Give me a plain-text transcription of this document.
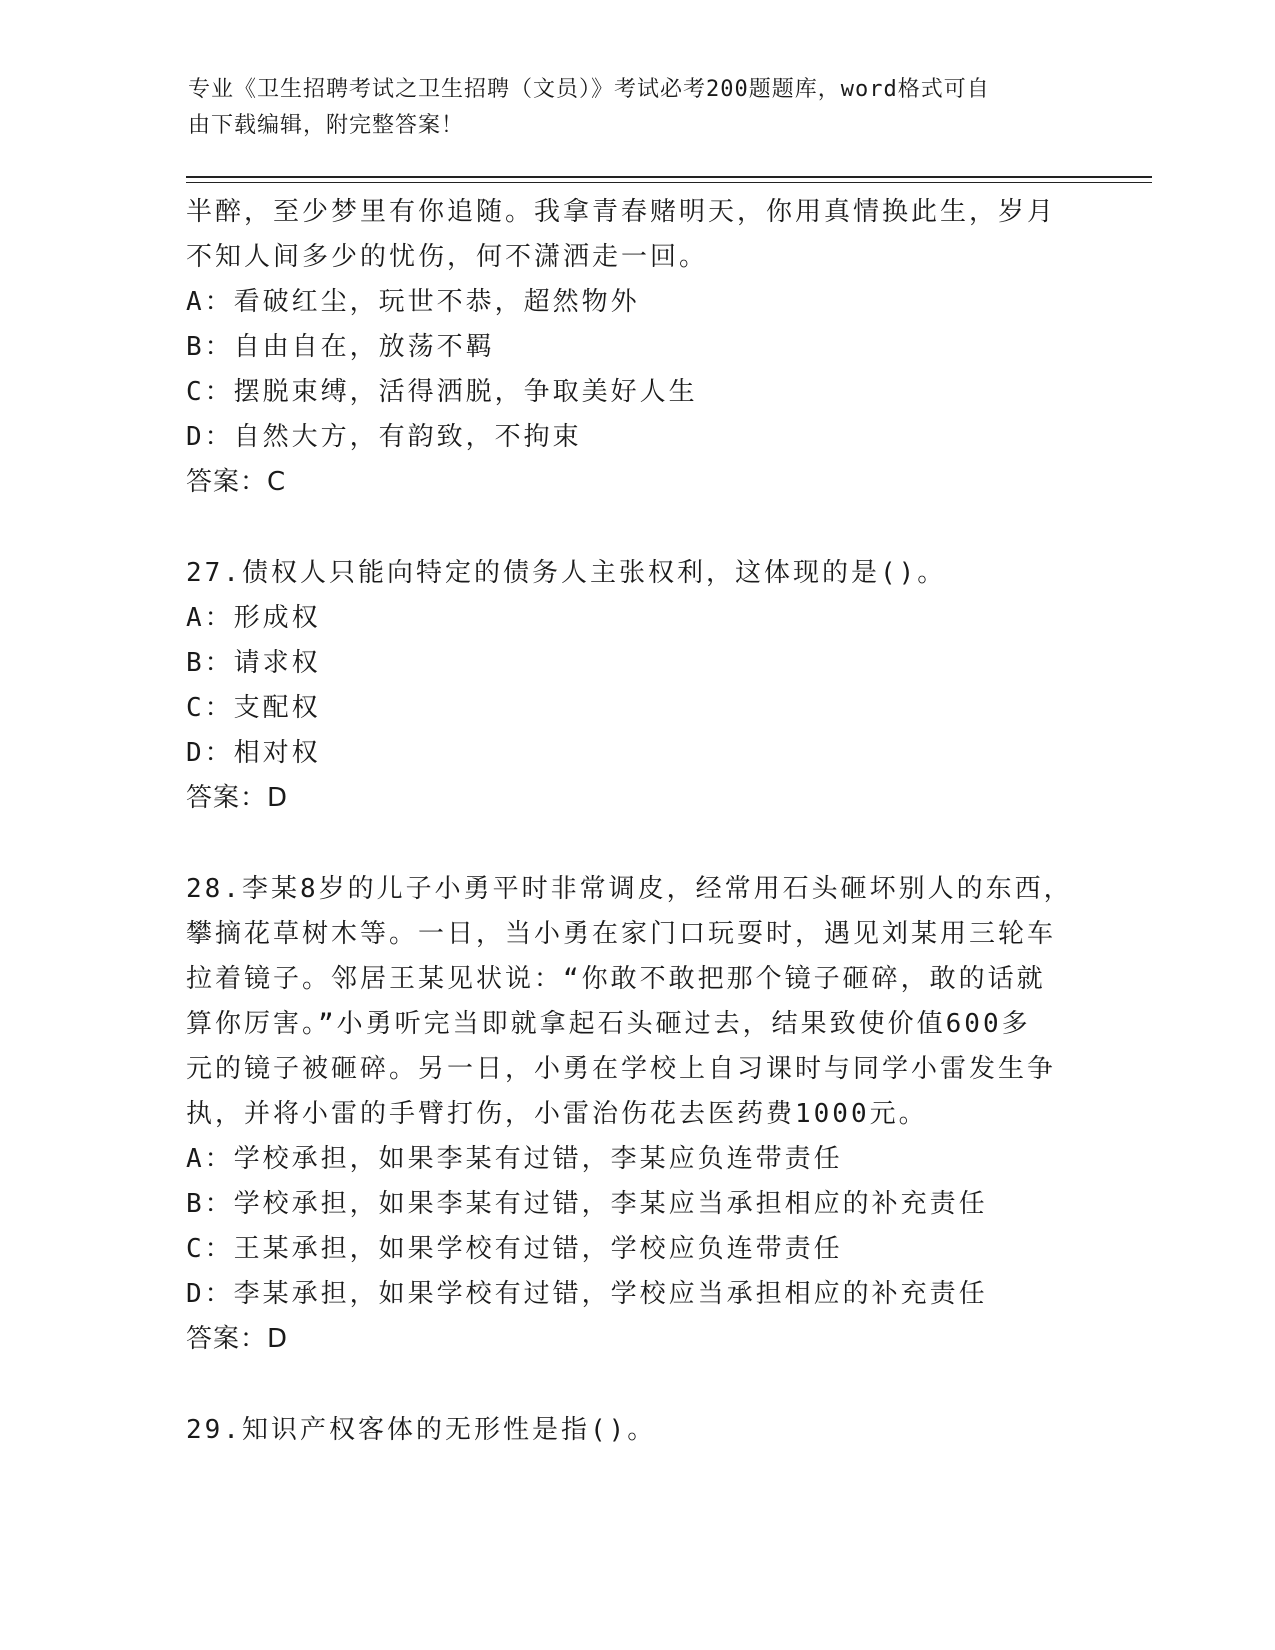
专业《卫生招聘考试之卫生招聘（文员）》考试必考200题题库，word格式可自
由下载编辑，附完整答案！
半醉，至少梦里有你追随。我拿青春赌明天，你用真情换此生，岁月
不知人间多少的忧伤，何不潇洒走一回。
A：看破红尘，玩世不恭，超然物外
B：自由自在，放荡不羁
C：摆脱束缚，活得洒脱，争取美好人生
D：自然大方，有韵致，不拘束
答案：C
27.债权人只能向特定的债务人主张权利，这体现的是()。
A：形成权
B：请求权
C：支配权
D：相对权
答案：D
28.李某8岁的儿子小勇平时非常调皮，经常用石头砸坏别人的东西，
攀摘花草树木等。一日，当小勇在家门口玩耍时，遇见刘某用三轮车
拉着镜子。邻居王某见状说：“你敢不敢把那个镜子砸碎，敢的话就
算你厉害。”小勇听完当即就拿起石头砸过去，结果致使价值600多
元的镜子被砸碎。另一日，小勇在学校上自习课时与同学小雷发生争
执，并将小雷的手臂打伤，小雷治伤花去医药费1000元。
A：学校承担，如果李某有过错，李某应负连带责任
B：学校承担，如果李某有过错，李某应当承担相应的补充责任
C：王某承担，如果学校有过错，学校应负连带责任
D：李某承担，如果学校有过错，学校应当承担相应的补充责任
答案：D
29.知识产权客体的无形性是指()。
